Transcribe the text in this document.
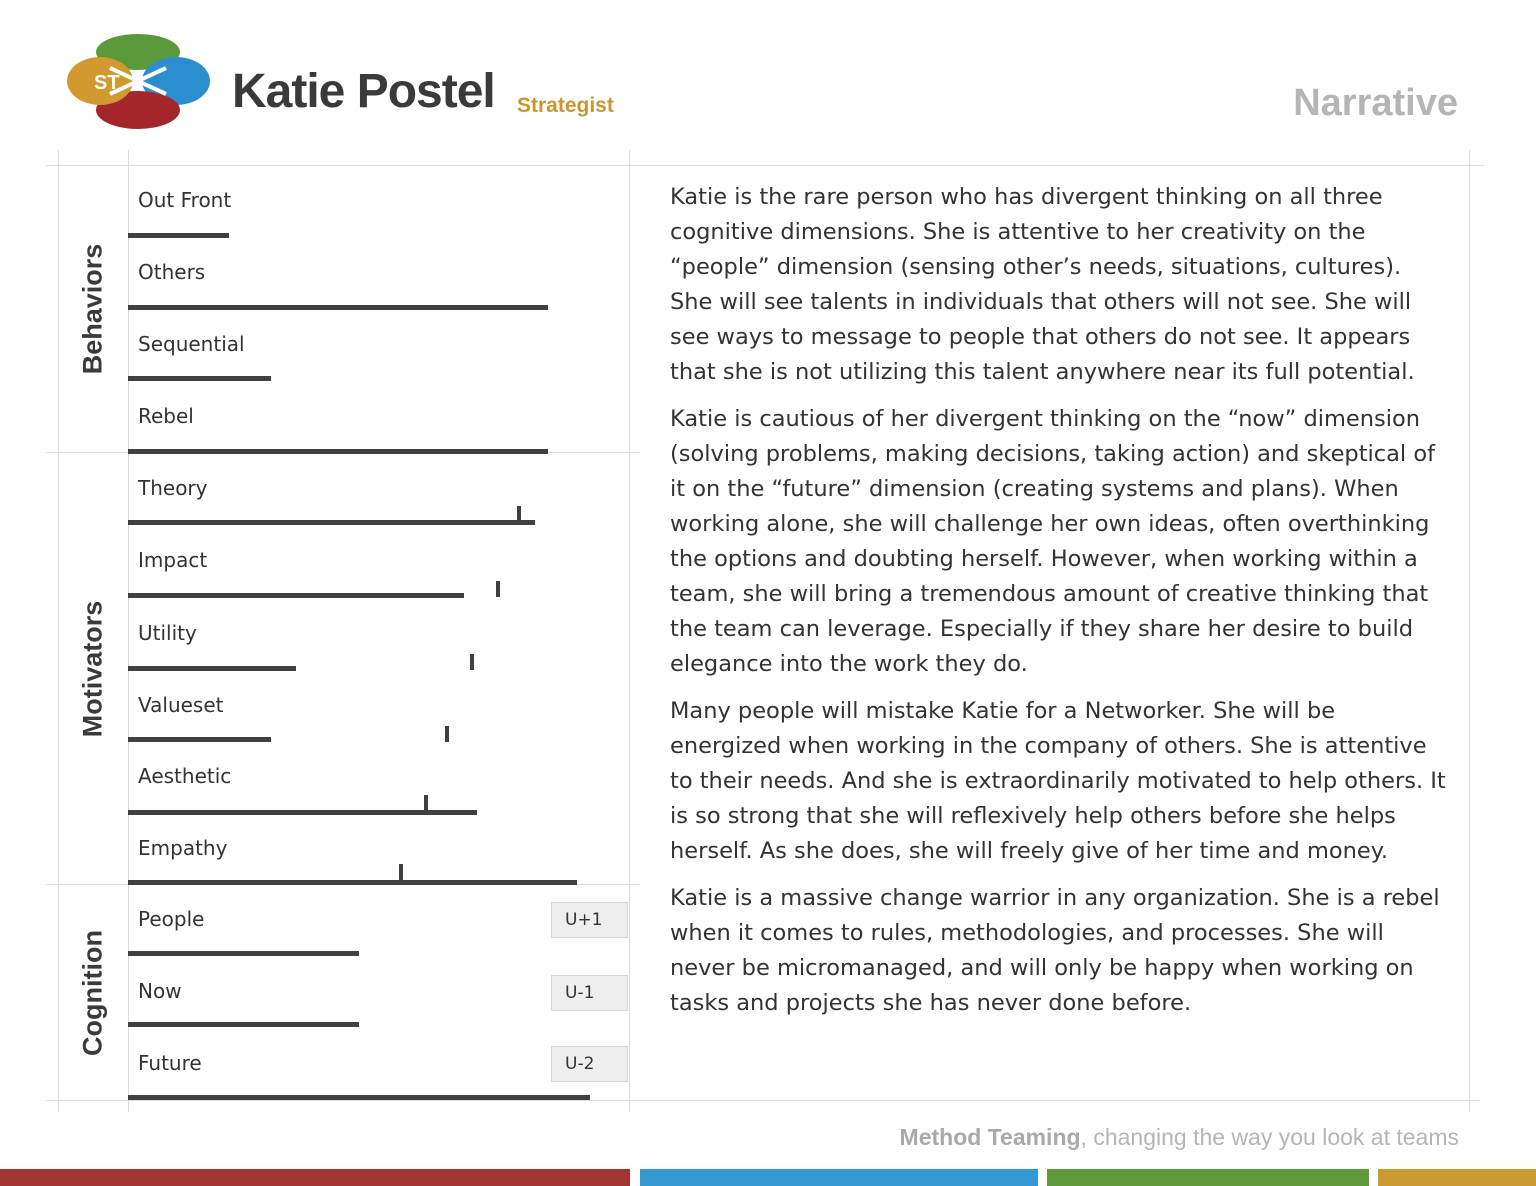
ST Katie Postel Strategist	Narrative
Behaviors
Motivators
Cognition
Out Front
Others
Sequential
Rebel
Theory
Impact
Utility
Valueset
Aesthetic
Empathy
People	U+1
Now	U-1
Future	U-2

Katie is the rare person who has divergent thinking on all three cognitive dimensions. She is attentive to her creativity on the “people” dimension (sensing other’s needs, situations, cultures). She will see talents in individuals that others will not see. She will see ways to message to people that others do not see. It appears that she is not utilizing this talent anywhere near its full potential.

Katie is cautious of her divergent thinking on the “now” dimension (solving problems, making decisions, taking action) and skeptical of it on the “future” dimension (creating systems and plans). When working alone, she will challenge her own ideas, often overthinking the options and doubting herself. However, when working within a team, she will bring a tremendous amount of creative thinking that the team can leverage. Especially if they share her desire to build elegance into the work they do.

Many people will mistake Katie for a Networker. She will be energized when working in the company of others. She is attentive to their needs. And she is extraordinarily motivated to help others. It is so strong that she will reflexively help others before she helps herself. As she does, she will freely give of her time and money.

Katie is a massive change warrior in any organization. She is a rebel when it comes to rules, methodologies, and processes. She will never be micromanaged, and will only be happy when working on tasks and projects she has never done before.

Method Teaming, changing the way you look at teams
